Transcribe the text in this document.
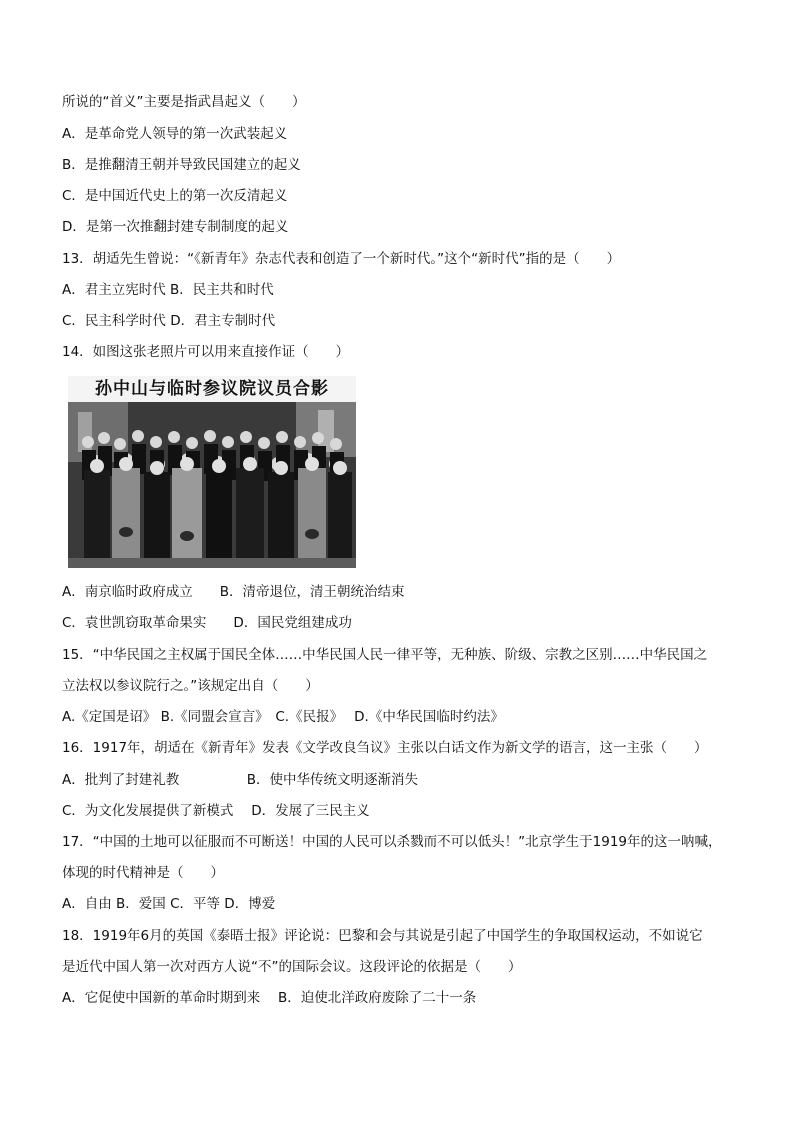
所说的“首义”主要是指武昌起义（　　）
A．是革命党人领导的第一次武装起义
B．是推翻清王朝并导致民国建立的起义
C．是中国近代史上的第一次反清起义
D．是第一次推翻封建专制制度的起义
13．胡适先生曾说：“《新青年》杂志代表和创造了一个新时代。”这个“新时代”指的是（　　）
A．君主立宪时代 B．民主共和时代
C．民主科学时代 D．君主专制时代
14．如图这张老照片可以用来直接作证（　　）
孙中山与临时参议院议员合影
A．南京临时政府成立　　B．清帝退位，清王朝统治结束
C．袁世凯窃取革命果实　　D．国民党组建成功
15．“中华民国之主权属于国民全体……中华民国人民一律平等，无种族、阶级、宗教之区别……中华民国之
立法权以参议院行之。”该规定出自（　　）
A.《定国是诏》 B.《同盟会宣言》　C.《民报》　 D.《中华民国临时约法》
16．1917年，胡适在《新青年》发表《文学改良刍议》主张以白话文作为新文学的语言，这一主张（　　）
A．批判了封建礼教　　　　　B．使中华传统文明逐渐消失
C．为文化发展提供了新模式　 D．发展了三民主义
17．“中国的土地可以征服而不可断送！中国的人民可以杀戮而不可以低头！”北京学生于1919年的这一呐喊，
体现的时代精神是（　　）
A．自由 B．爱国 C．平等 D．博爱
18．1919年6月的英国《泰晤士报》评论说：巴黎和会与其说是引起了中国学生的争取国权运动，不如说它
是近代中国人第一次对西方人说“不”的国际会议。这段评论的依据是（　　）
A．它促使中国新的革命时期到来　 B．迫使北洋政府废除了二十一条
